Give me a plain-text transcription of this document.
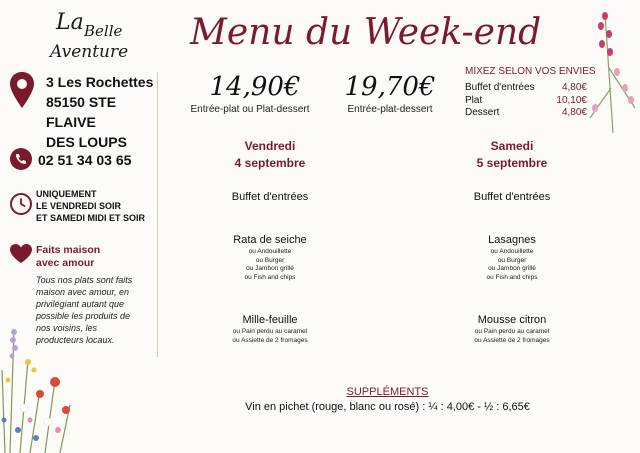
La Belle
Aventure
3 Les Rochettes
85150 STE FLAIVE
DES LOUPS
02 51 34 03 65
UNIQUEMENT
LE VENDREDI SOIR
ET SAMEDI MIDI ET SOIR
Faits maison
avec amour
Tous nos plats sont faits maison avec amour, en privilégiant autant que possible les produits de nos voisins, les producteurs locaux.
Menu du Week-end
14,90€
Entrée-plat ou Plat-dessert
19,70€
Entrée-plat-dessert
MIXEZ SELON VOS ENVIES
Buffet d'entrées	4,80€
Plat	10,10€
Dessert	4,80€
Vendredi
4 septembre
Buffet d'entrées
Rata de seiche
ou Andouillette
ou Burger
ou Jambon grillé
ou Fish and chips
Mille-feuille
ou Pain perdu au caramel
ou Assiette de 2 fromages
Samedi
5 septembre
Buffet d'entrées
Lasagnes
ou Andouillette
ou Burger
ou Jambon grillé
ou Fish and chips
Mousse citron
ou Pain perdu au caramel
ou Assiette de 2 fromages
SUPPLÉMENTS
Vin en pichet (rouge, blanc ou rosé) : ¼ : 4,00€ - ½ : 6,65€
